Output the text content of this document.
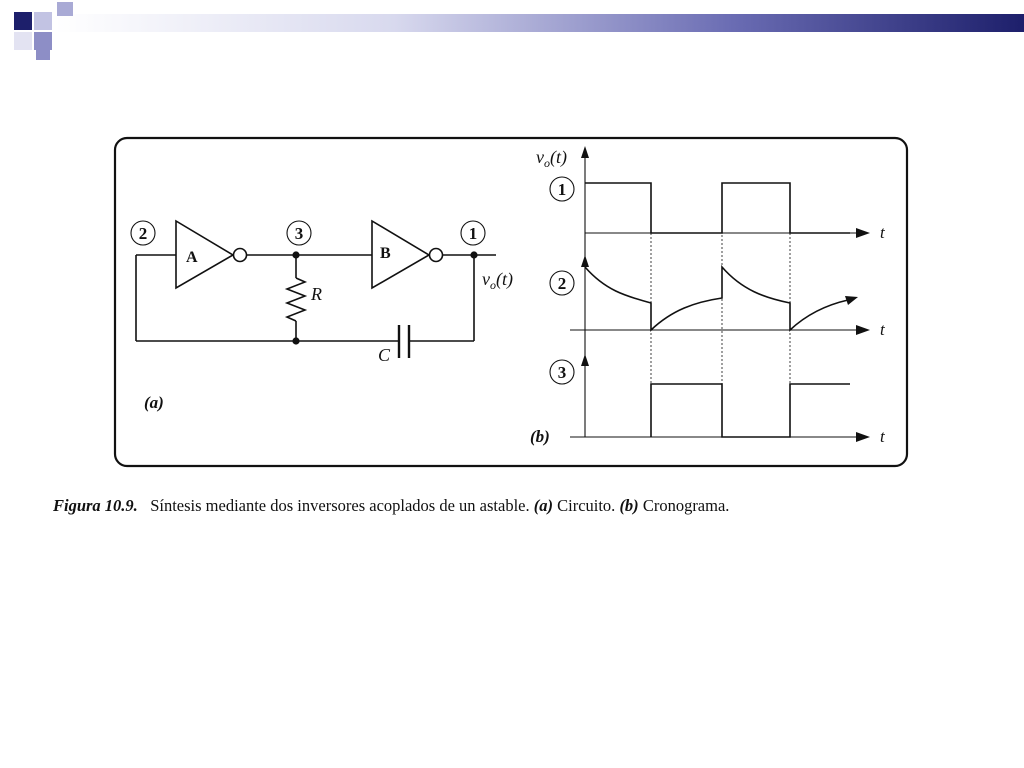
A	B
2	3	1
R
C
$v_o(t)$
(a)
$v_o(t)$
t
t
t
1
2
3
(b)
Figura 10.9. Síntesis mediante dos inversores acoplados de un astable. (a) Circuito. (b) Cronograma.
